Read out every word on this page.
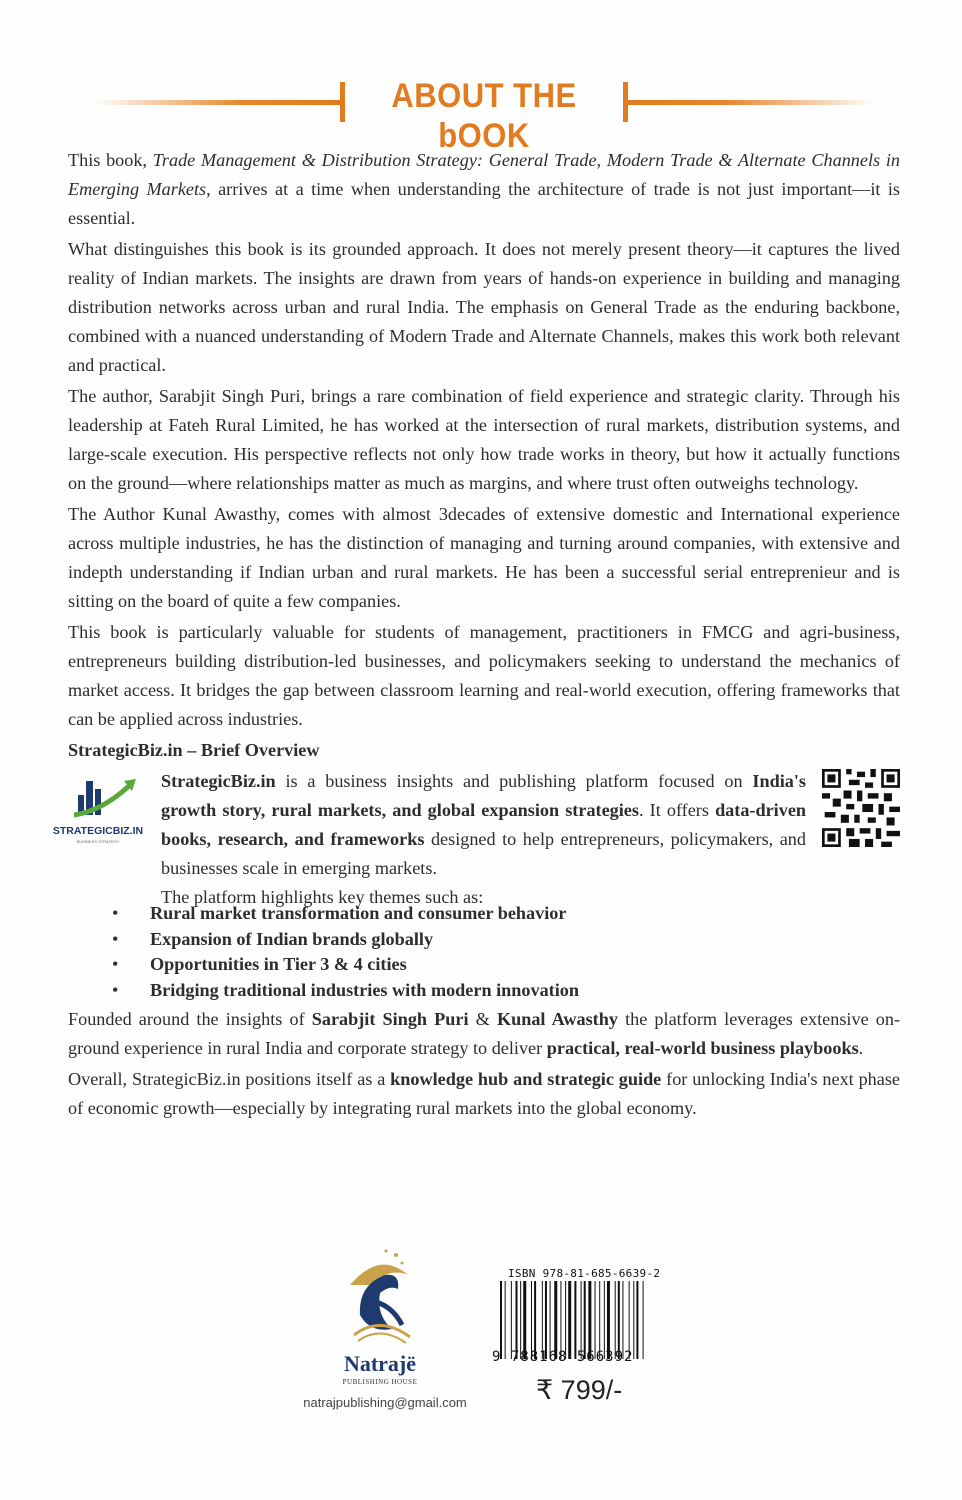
ABOUT THE bOOK

This book, Trade Management & Distribution Strategy: General Trade, Modern Trade & Alternate Channels in Emerging Markets, arrives at a time when understanding the architecture of trade is not just important—it is essential.

What distinguishes this book is its grounded approach. It does not merely present theory—it captures the lived reality of Indian markets. The insights are drawn from years of hands-on experience in building and managing distribution networks across urban and rural India. The emphasis on General Trade as the enduring backbone, combined with a nuanced understanding of Modern Trade and Alternate Channels, makes this work both relevant and practical.

The author, Sarabjit Singh Puri, brings a rare combination of field experience and strategic clarity. Through his leadership at Fateh Rural Limited, he has worked at the intersection of rural markets, distribution systems, and large-scale execution. His perspective reflects not only how trade works in theory, but how it actually functions on the ground—where relationships matter as much as margins, and where trust often outweighs technology.

The Author Kunal Awasthy, comes with almost 3decades of extensive domestic and International experience across multiple industries, he has the distinction of managing and turning around companies, with extensive and indepth understanding if Indian urban and rural markets. He has been a successful serial entreprenieur and is sitting on the board of quite a few companies.

This book is particularly valuable for students of management, practitioners in FMCG and agri-business, entrepreneurs building distribution-led businesses, and policymakers seeking to understand the mechanics of market access. It bridges the gap between classroom learning and real-world execution, offering frameworks that can be applied across industries.

StrategicBiz.in – Brief Overview

STRATEGICBIZ.IN
BUSINESS STRATEGY
StrategicBiz.in is a business insights and publishing platform focused on India's growth story, rural markets, and global expansion strategies. It offers data-driven books, research, and frameworks designed to help entrepreneurs, policymakers, and businesses scale in emerging markets.
The platform highlights key themes such as:
• Rural market transformation and consumer behavior
• Expansion of Indian brands globally
• Opportunities in Tier 3 & 4 cities
• Bridging traditional industries with modern innovation

Founded around the insights of Sarabjit Singh Puri & Kunal Awasthy the platform leverages extensive on-ground experience in rural India and corporate strategy to deliver practical, real-world business playbooks.

Overall, StrategicBiz.in positions itself as a knowledge hub and strategic guide for unlocking India's next phase of economic growth—especially by integrating rural markets into the global economy.

Natrajë
PUBLISHING HOUSE
natrajpublishing@gmail.com
ISBN 978-81-685-6639-2
9 788168 566392
₹ 799/-
